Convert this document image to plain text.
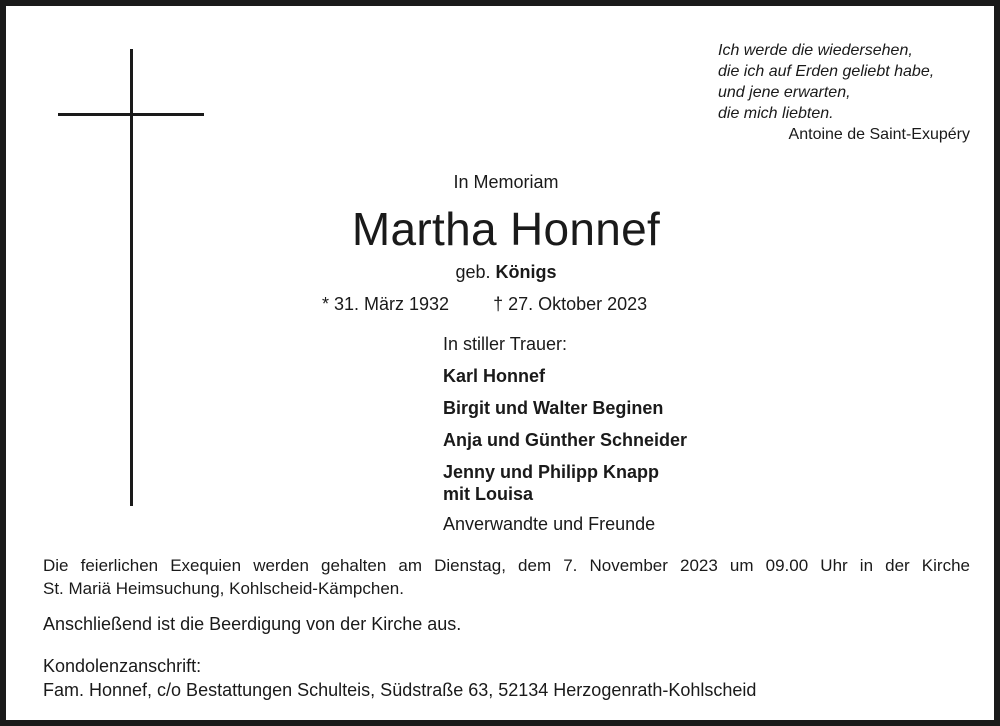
Ich werde die wiedersehen,
die ich auf Erden geliebt habe,
und jene erwarten,
die mich liebten.
Antoine de Saint-Exupéry
In Memoriam
Martha Honnef
geb. Königs
* 31. März 1932 † 27. Oktober 2023
In stiller Trauer:
Karl Honnef
Birgit und Walter Beginen
Anja und Günther Schneider
Jenny und Philipp Knapp
mit Louisa
Anverwandte und Freunde
Die feierlichen Exequien werden gehalten am Dienstag, dem 7. November 2023 um 09.00 Uhr in der Kirche
St. Mariä Heimsuchung, Kohlscheid-Kämpchen.
Anschließend ist die Beerdigung von der Kirche aus.
Kondolenzanschrift:
Fam. Honnef, c/o Bestattungen Schulteis, Südstraße 63, 52134 Herzogenrath-Kohlscheid
